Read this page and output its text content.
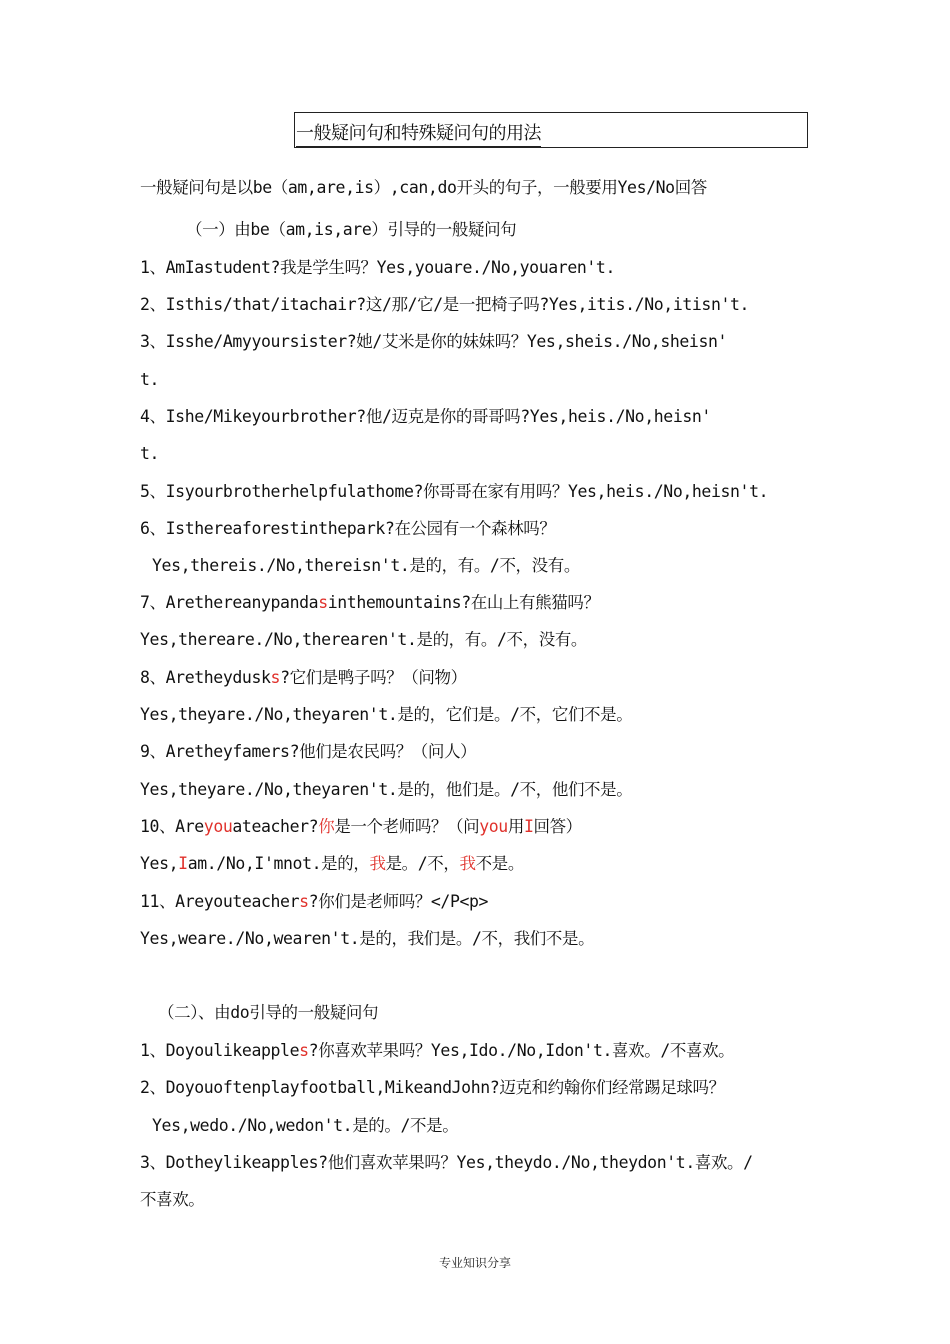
一般疑问句和特殊疑问句的用法
一般疑问句是以be（am,are,is）,can,do开头的句子，一般要用Yes/No回答
（一）由be（am,is,are）引导的一般疑问句
1、AmIastudent?我是学生吗？Yes,youare./No,youaren't.
2、Isthis/that/itachair?这/那/它/是一把椅子吗?Yes,itis./No,itisn't.
3、Isshe/Amyyoursister?她/艾米是你的妹妹吗？Yes,sheis./No,sheisn'
t.
4、Ishe/Mikeyourbrother?他/迈克是你的哥哥吗?Yes,heis./No,heisn'
t.
5、Isyourbrotherhelpfulathome?你哥哥在家有用吗？Yes,heis./No,heisn't.
6、Isthereaforestinthepark?在公园有一个森林吗？
Yes,thereis./No,thereisn't.是的，有。/不，没有。
7、Arethereanypandasinthemountains?在山上有熊猫吗？
Yes,thereare./No,therearen't.是的，有。/不，没有。
8、Aretheydusks?它们是鸭子吗？（问物）
Yes,theyare./No,theyaren't.是的，它们是。/不，它们不是。
9、Aretheyfamers?他们是农民吗？（问人）
Yes,theyare./No,theyaren't.是的，他们是。/不，他们不是。
10、Areyouateacher?你是一个老师吗？（问you用I回答）
Yes,Iam./No,I'mnot.是的，我是。/不，我不是。
11、Areyouteachers?你们是老师吗？</P<p>
Yes,weare./No,wearen't.是的，我们是。/不，我们不是。
（二）、由do引导的一般疑问句
1、Doyoulikeapples?你喜欢苹果吗？Yes,Ido./No,Idon't.喜欢。/不喜欢。
2、Doyouoftenplayfootball,MikeandJohn?迈克和约翰你们经常踢足球吗？
Yes,wedo./No,wedon't.是的。/不是。
3、Dotheylikeapples?他们喜欢苹果吗？Yes,theydo./No,theydon't.喜欢。/
不喜欢。
专业知识分享
